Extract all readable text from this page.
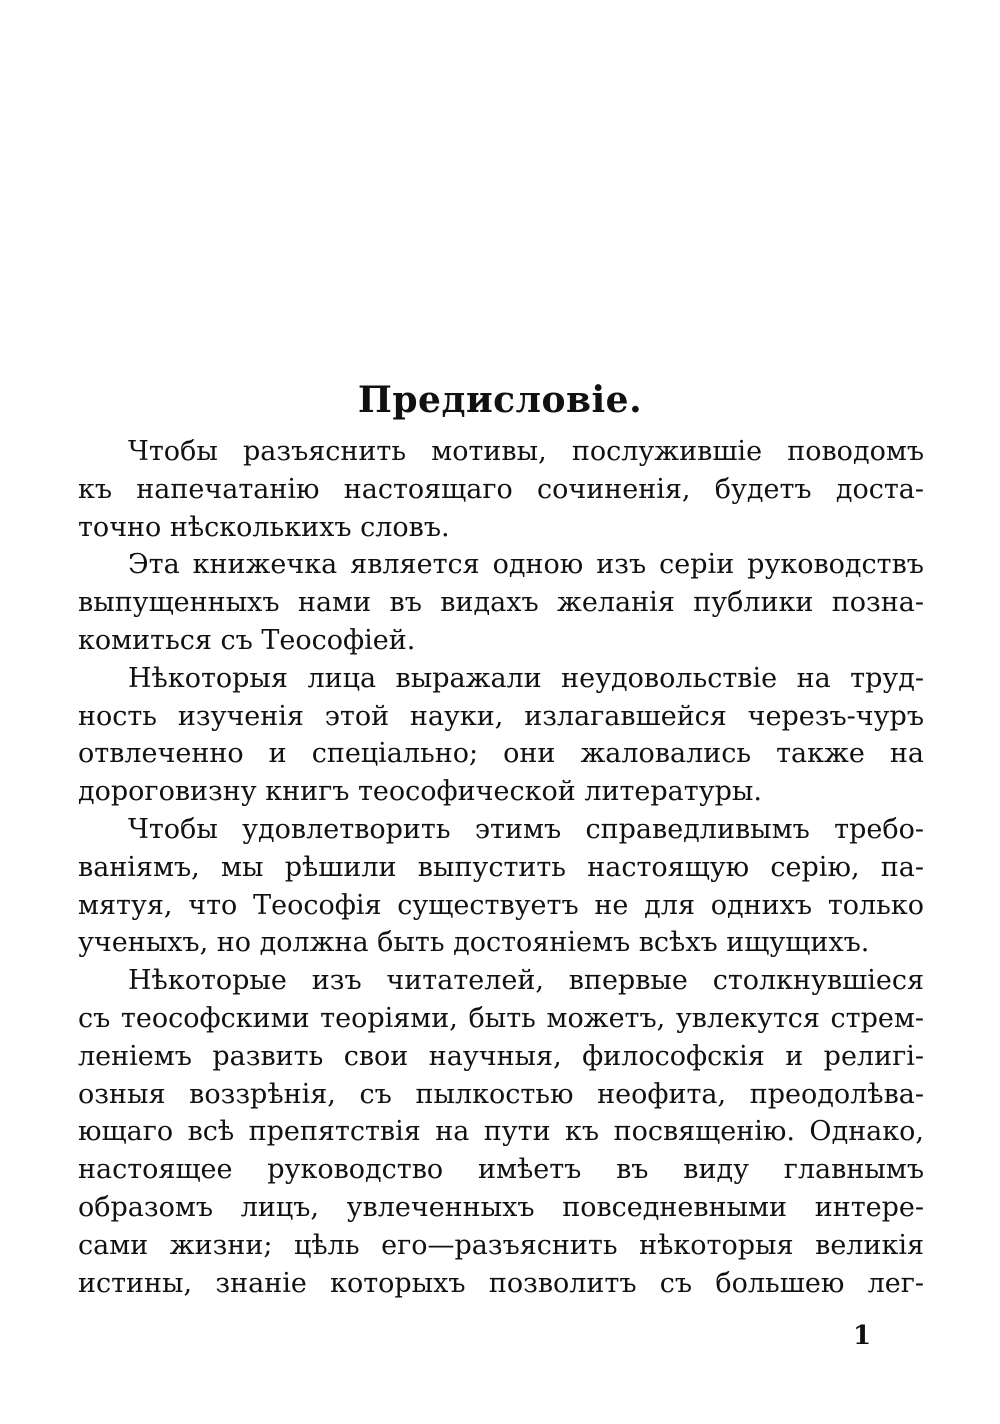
Предисловіе.
Чтобы разъяснить мотивы, послужившіе поводомъ
къ напечатанію настоящаго сочиненія, будетъ доста-
точно нѣсколькихъ словъ.
Эта книжечка является одною изъ серіи руководствъ
выпущенныхъ нами въ видахъ желанія публики позна-
комиться съ Теософіей.
Нѣкоторыя лица выражали неудовольствіе на труд-
ность изученія этой науки, излагавшейся черезъ-чуръ
отвлеченно и спеціально; они жаловались также на
дороговизну книгъ теософической литературы.
Чтобы удовлетворить этимъ справедливымъ требо-
ваніямъ, мы рѣшили выпустить настоящую серію, па-
мятуя, что Теософія существуетъ не для однихъ только
ученыхъ, но должна быть достояніемъ всѣхъ ищущихъ.
Нѣкоторые изъ читателей, впервые столкнувшіеся
съ теософскими теоріями, быть можетъ, увлекутся стрем-
леніемъ развить свои научныя, философскія и религі-
озныя воззрѣнія, съ пылкостью неофита, преодолѣва-
ющаго всѣ препятствія на пути къ посвященію. Однако,
настоящее руководство имѣетъ въ виду главнымъ
образомъ лицъ, увлеченныхъ повседневными интере-
сами жизни; цѣль его—разъяснить нѣкоторыя великія
истины, знаніе которыхъ позволитъ съ большею лег-
1
